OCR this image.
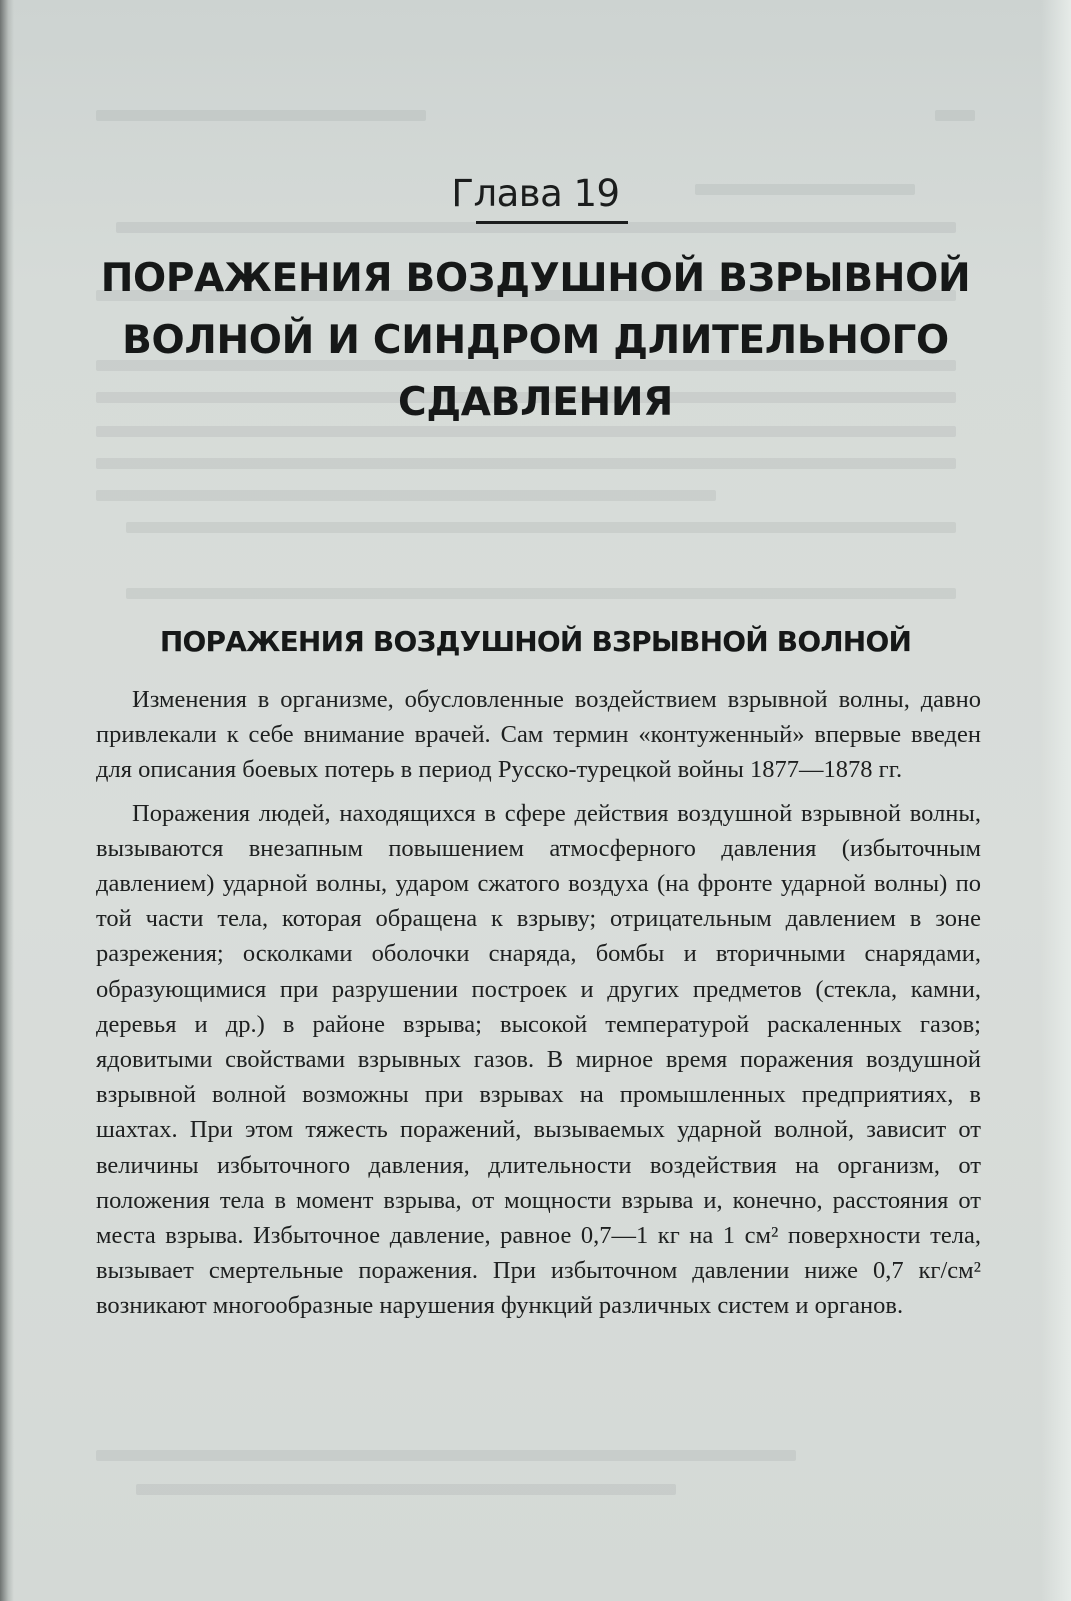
Глава 19
ПОРАЖЕНИЯ ВОЗДУШНОЙ ВЗРЫВНОЙ ВОЛНОЙ И СИНДРОМ ДЛИТЕЛЬНОГО СДАВЛЕНИЯ
ПОРАЖЕНИЯ ВОЗДУШНОЙ ВЗРЫВНОЙ ВОЛНОЙ

Изменения в организме, обусловленные воздействием взрывной волны, давно привлекали к себе внимание врачей. Сам термин «контуженный» впервые введен для описания боевых потерь в период Русско-турецкой войны 1877—1878 гг.

Поражения людей, находящихся в сфере действия воздушной взрывной волны, вызываются внезапным повышением атмосферного давления (избыточным давлением) ударной волны, ударом сжатого воздуха (на фронте ударной волны) по той части тела, которая обращена к взрыву; отрицательным давлением в зоне разрежения; осколками оболочки снаряда, бомбы и вторичными снарядами, образующимися при разрушении построек и других предметов (стекла, камни, деревья и др.) в районе взрыва; высокой температурой раскаленных газов; ядовитыми свойствами взрывных газов. В мирное время поражения воздушной взрывной волной возможны при взрывах на промышленных предприятиях, в шахтах. При этом тяжесть поражений, вызываемых ударной волной, зависит от величины избыточного давления, длительности воздействия на организм, от положения тела в момент взрыва, от мощности взрыва и, конечно, расстояния от места взрыва. Избыточное давление, равное 0,7—1 кг на 1 см² поверхности тела, вызывает смертельные поражения. При избыточном давлении ниже 0,7 кг/см² возникают многообразные нарушения функций различных систем и органов.
